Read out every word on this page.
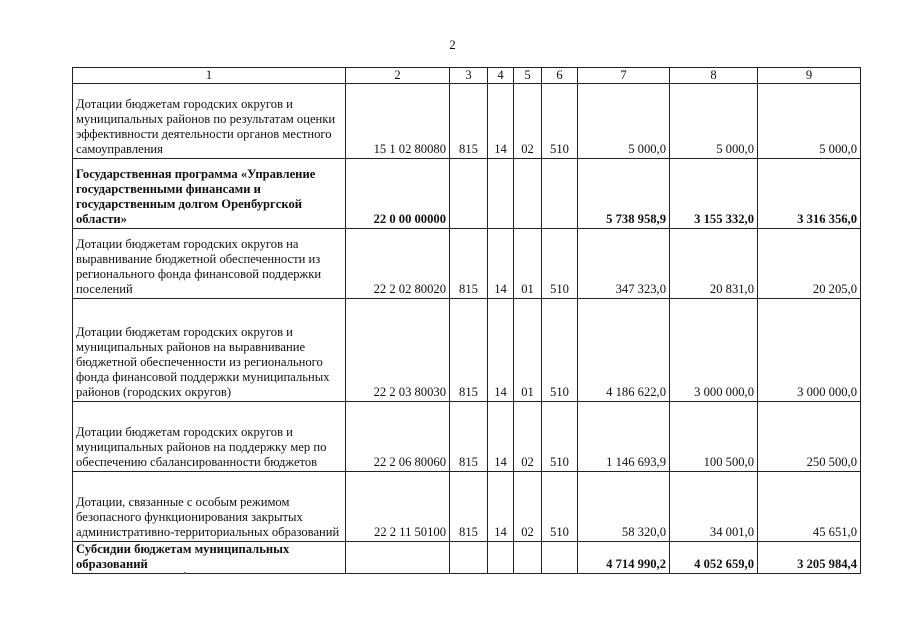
2
1	2	3	4	5	6	7	8	9
Дотации бюджетам городских округов и муниципальных районов по результатам оценки эффективности деятельности органов местного самоуправления	15 1 02 80080	815	14	02	510	5 000,0	5 000,0	5 000,0
Государственная программа «Управление государственными финансами и государственным долгом Оренбургской области»	22 0 00 00000					5 738 958,9	3 155 332,0	3 316 356,0
Дотации бюджетам городских округов на выравнивание бюджетной обеспеченности из регионального фонда финансовой поддержки поселений	22 2 02 80020	815	14	01	510	347 323,0	20 831,0	20 205,0
Дотации бюджетам городских округов и муниципальных районов на выравнивание бюджетной обеспеченности из регионального фонда финансовой поддержки муниципальных районов (городских округов)	22 2 03 80030	815	14	01	510	4 186 622,0	3 000 000,0	3 000 000,0
Дотации бюджетам городских округов и муниципальных районов на поддержку мер по обеспечению сбалансированности бюджетов	22 2 06 80060	815	14	02	510	1 146 693,9	100 500,0	250 500,0
Дотации, связанные с особым режимом безопасного функционирования закрытых административно-территориальных образований	22 2 11 50100	815	14	02	510	58 320,0	34 001,0	45 651,0
Субсидии бюджетам муниципальных образований						4 714 990,2	4 052 659,0	3 205 984,4
